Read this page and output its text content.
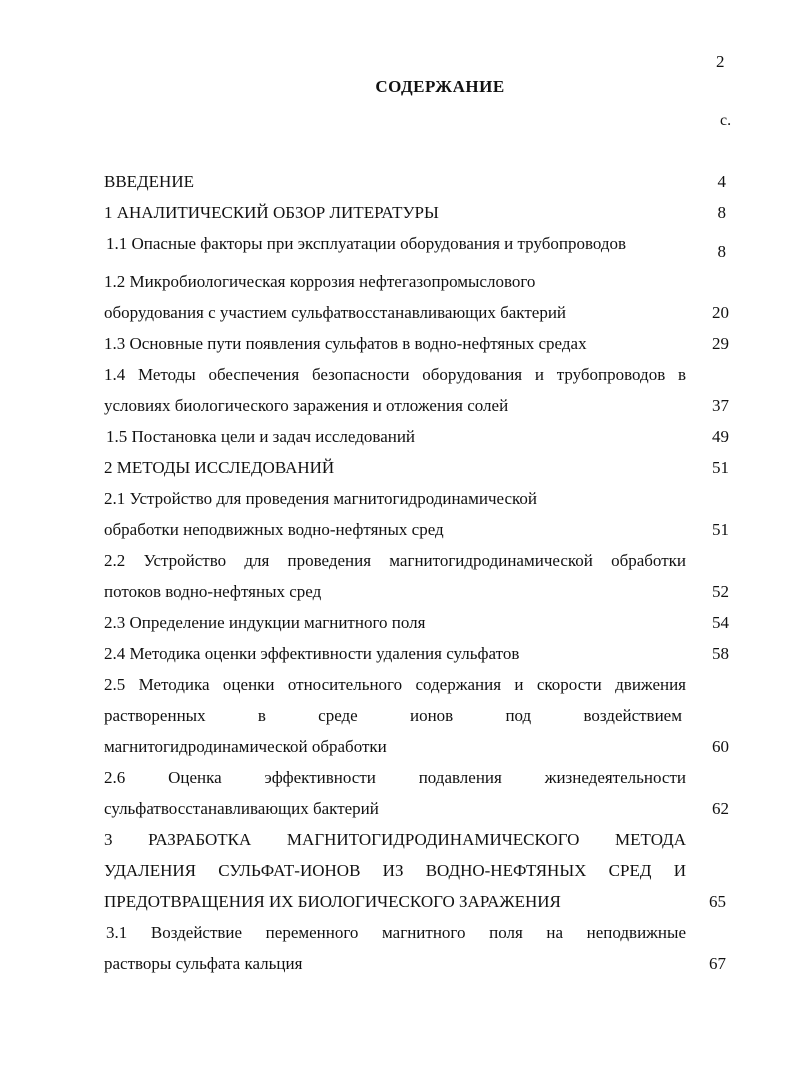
2
СОДЕРЖАНИЕ
с.
ВВЕДЕНИЕ	4
1 АНАЛИТИЧЕСКИЙ ОБЗОР ЛИТЕРАТУРЫ	8
1.1 Опасные факторы при эксплуатации оборудования и трубопроводов	8
1.2 Микробиологическая коррозия нефтегазопромыслового
оборудования с участием сульфатвосстанавливающих бактерий	20
1.3 Основные пути появления сульфатов в водно-нефтяных средах	29
1.4 Методы обеспечения безопасности оборудования и трубопроводов в
условиях биологического заражения и отложения солей	37
1.5 Постановка цели и задач исследований	49
2 МЕТОДЫ ИССЛЕДОВАНИЙ	51
2.1 Устройство для проведения магнитогидродинамической
обработки неподвижных водно-нефтяных сред	51
2.2 Устройство для проведения магнитогидродинамической обработки
потоков водно-нефтяных сред	52
2.3 Определение индукции магнитного поля	54
2.4 Методика оценки эффективности удаления сульфатов	58
2.5 Методика оценки относительного содержания и скорости движения
растворенных в среде ионов под воздействием
магнитогидродинамической обработки	60
2.6 Оценка эффективности подавления жизнедеятельности
сульфатвосстанавливающих бактерий	62
3 РАЗРАБОТКА МАГНИТОГИДРОДИНАМИЧЕСКОГО МЕТОДА
УДАЛЕНИЯ СУЛЬФАТ-ИОНОВ ИЗ ВОДНО-НЕФТЯНЫХ СРЕД И
ПРЕДОТВРАЩЕНИЯ ИХ БИОЛОГИЧЕСКОГО ЗАРАЖЕНИЯ	65
3.1 Воздействие переменного магнитного поля на неподвижные
растворы сульфата кальция	67
